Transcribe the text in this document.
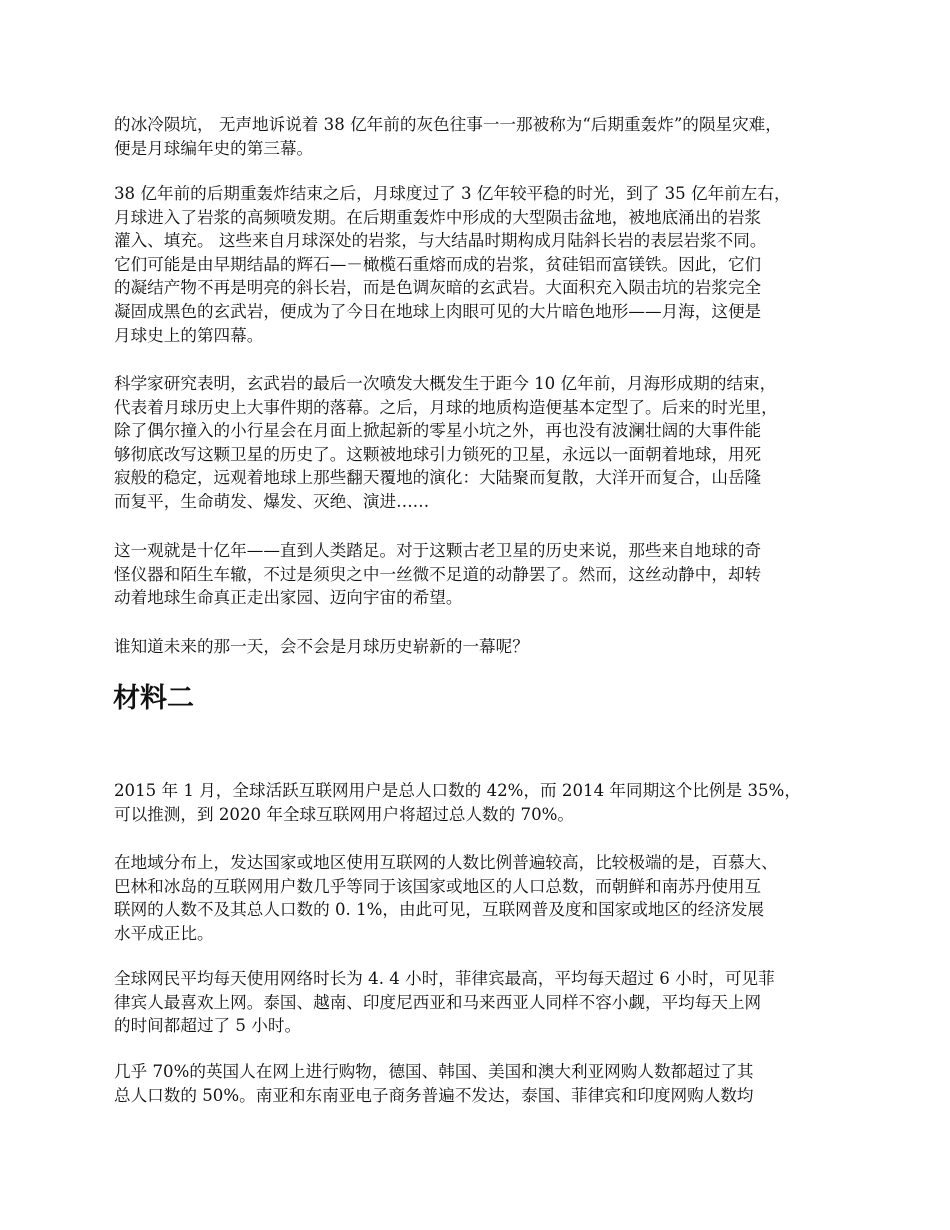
的冰冷陨坑， 无声地诉说着 38 亿年前的灰色往事一一那被称为“后期重轰炸”的陨星灾难，
便是月球编年史的第三幕。
38 亿年前的后期重轰炸结束之后，月球度过了 3 亿年较平稳的时光，到了 35 亿年前左右，
月球进入了岩浆的高频喷发期。在后期重轰炸中形成的大型陨击盆地，被地底涌出的岩浆
灌入、填充。 这些来自月球深处的岩浆，与大结晶时期构成月陆斜长岩的表层岩浆不同。
它们可能是由早期结晶的辉石—－橄榄石重熔而成的岩浆，贫硅铝而富镁铁。因此，它们
的凝结产物不再是明亮的斜长岩，而是色调灰暗的玄武岩。大面积充入陨击坑的岩浆完全
凝固成黑色的玄武岩，便成为了今日在地球上肉眼可见的大片暗色地形——月海，这便是
月球史上的第四幕。
科学家研究表明，玄武岩的最后一次喷发大概发生于距今 10 亿年前，月海形成期的结束，
代表着月球历史上大事件期的落幕。之后，月球的地质构造便基本定型了。后来的时光里，
除了偶尔撞入的小行星会在月面上掀起新的零星小坑之外，再也没有波澜壮阔的大事件能
够彻底改写这颗卫星的历史了。这颗被地球引力锁死的卫星，永远以一面朝着地球，用死
寂般的稳定，远观着地球上那些翻天覆地的演化：大陆聚而复散，大洋开而复合，山岳隆
而复平，生命萌发、爆发、灭绝、演进……
这一观就是十亿年——直到人类踏足。对于这颗古老卫星的历史来说，那些来自地球的奇
怪仪器和陌生车辙，不过是须臾之中一丝微不足道的动静罢了。然而，这丝动静中，却转
动着地球生命真正走出家园、迈向宇宙的希望。
谁知道未来的那一天，会不会是月球历史崭新的一幕呢？
材料二
2015 年 1 月，全球活跃互联网用户是总人口数的 42%，而 2014 年同期这个比例是 35%，
可以推测，到 2020 年全球互联网用户将超过总人数的 70%。
在地域分布上，发达国家或地区使用互联网的人数比例普遍较高，比较极端的是，百慕大、
巴林和冰岛的互联网用户数几乎等同于该国家或地区的人口总数，而朝鲜和南苏丹使用互
联网的人数不及其总人口数的 0. 1%，由此可见，互联网普及度和国家或地区的经济发展
水平成正比。
全球网民平均每天使用网络时长为 4. 4 小时，菲律宾最高，平均每天超过 6 小时，可见菲
律宾人最喜欢上网。泰国、越南、印度尼西亚和马来西亚人同样不容小觑，平均每天上网
的时间都超过了 5 小时。
几乎 70%的英国人在网上进行购物，德国、韩国、美国和澳大利亚网购人数都超过了其
总人口数的 50%。南亚和东南亚电子商务普遍不发达，泰国、菲律宾和印度网购人数均
